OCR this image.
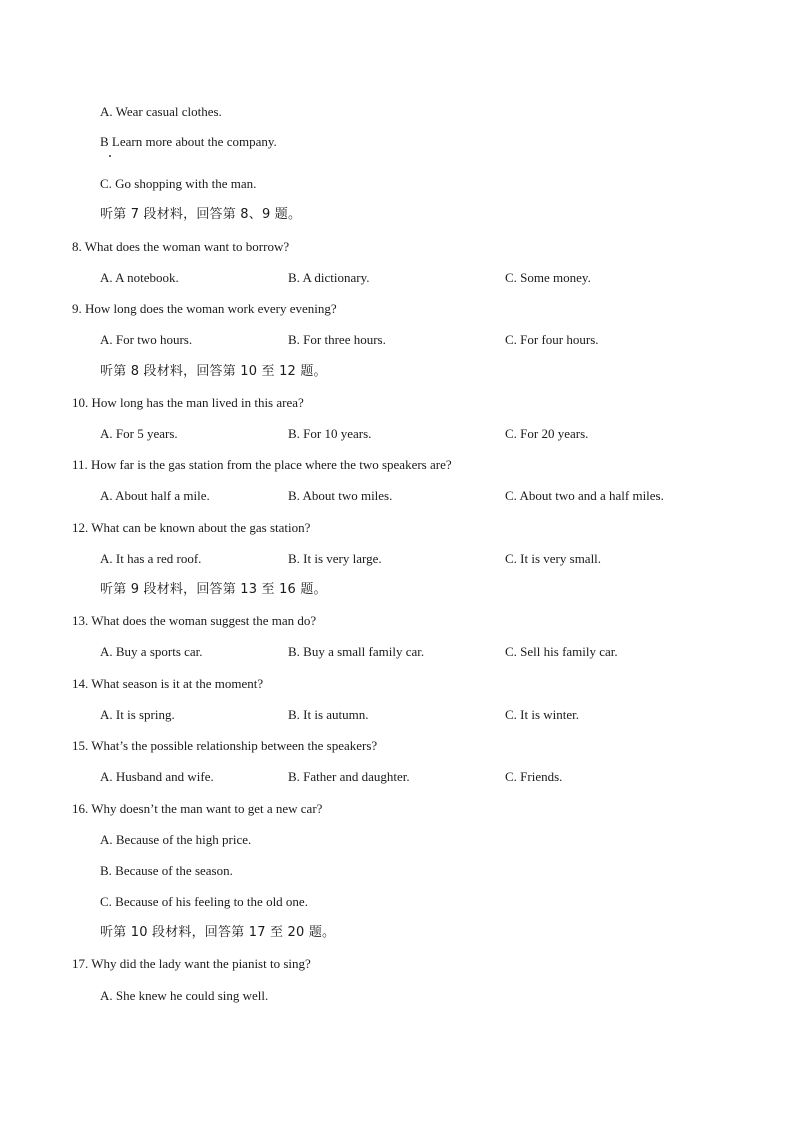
A. Wear casual clothes.
B Learn more about the company.
C. Go shopping with the man.
听第 7 段材料，回答第 8、9 题。
8. What does the woman want to borrow?
A. A notebook.	B. A dictionary.	C. Some money.
9. How long does the woman work every evening?
A. For two hours.	B. For three hours.	C. For four hours.
听第 8 段材料，回答第 10 至 12 题。
10. How long has the man lived in this area?
A. For 5 years.	B. For 10 years.	C. For 20 years.
11. How far is the gas station from the place where the two speakers are?
A. About half a mile.	B. About two miles.	C. About two and a half miles.
12. What can be known about the gas station?
A. It has a red roof.	B. It is very large.	C. It is very small.
听第 9 段材料，回答第 13 至 16 题。
13. What does the woman suggest the man do?
A. Buy a sports car.	B. Buy a small family car.	C. Sell his family car.
14. What season is it at the moment?
A. It is spring.	B. It is autumn.	C. It is winter.
15. What’s the possible relationship between the speakers?
A. Husband and wife.	B. Father and daughter.	C. Friends.
16. Why doesn’t the man want to get a new car?
A. Because of the high price.
B. Because of the season.
C. Because of his feeling to the old one.
听第 10 段材料，回答第 17 至 20 题。
17. Why did the lady want the pianist to sing?
A. She knew he could sing well.
